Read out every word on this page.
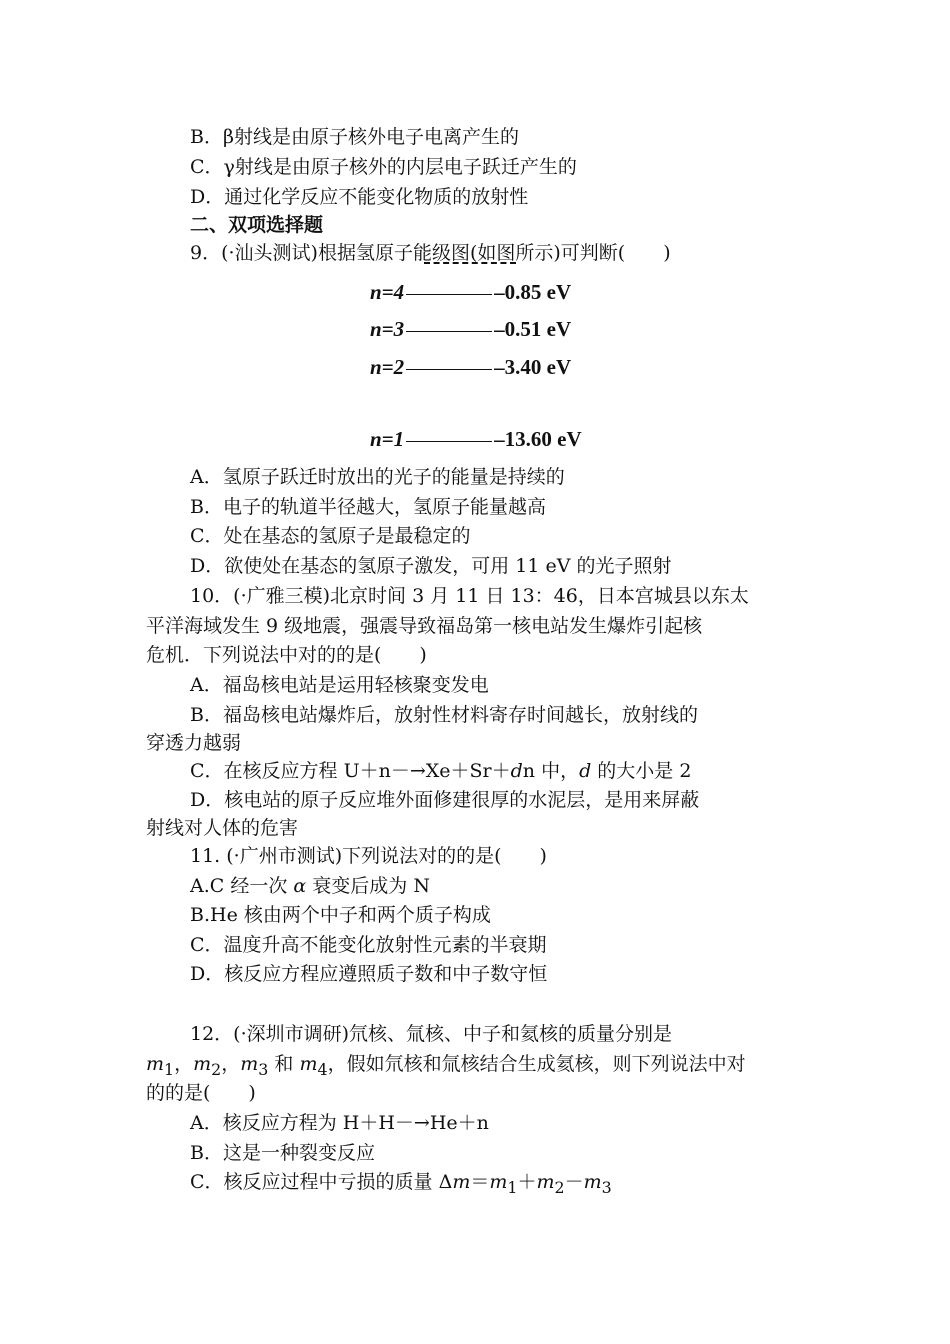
B．β射线是由原子核外电子电离产生的
C．γ射线是由原子核外的内层电子跃迁产生的
D．通过化学反应不能变化物质的放射性
二、双项选择题
9．(·汕头测试)根据氢原子能级图(如图所示)可判断(　　)
n=4	–0.85 eV
n=3	–0.51 eV
n=2	–3.40 eV
n=1	–13.60 eV
A．氢原子跃迁时放出的光子的能量是持续的
B．电子的轨道半径越大，氢原子能量越高
C．处在基态的氢原子是最稳定的
D．欲使处在基态的氢原子激发，可用 11 eV 的光子照射
10．(·广雅三模)北京时间 3 月 11 日 13：46，日本宫城县以东太
平洋海域发生 9 级地震，强震导致福岛第一核电站发生爆炸引起核
危机．下列说法中对的的是(　　)
A．福岛核电站是运用轻核聚变发电
B．福岛核电站爆炸后，放射性材料寄存时间越长，放射线的
穿透力越弱
C．在核反应方程 U＋n－→Xe＋Sr＋dn 中，d 的大小是 2
D．核电站的原子反应堆外面修建很厚的水泥层，是用来屏蔽
射线对人体的危害
11. (·广州市测试)下列说法对的的是(　　)
A.C 经一次 α 衰变后成为 N
B.He 核由两个中子和两个质子构成
C．温度升高不能变化放射性元素的半衰期
D．核反应方程应遵照质子数和中子数守恒
12．(·深圳市调研)氘核、氚核、中子和氦核的质量分别是
$m_1$，$m_2$，$m_3$ 和 $m_4$，假如氘核和氚核结合生成氦核，则下列说法中对
的的是(　　)
A．核反应方程为 H＋H－→He＋n
B．这是一种裂变反应
C．核反应过程中亏损的质量 $\Delta m=m_1+m_2-m_3$
